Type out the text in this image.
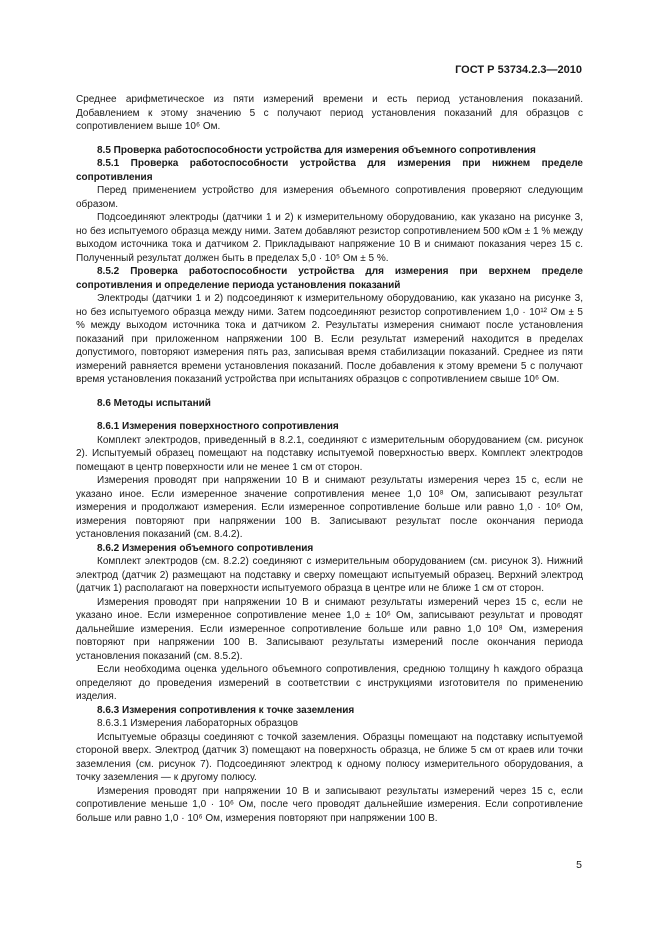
ГОСТ Р 53734.2.3—2010

Среднее арифметическое из пяти измерений времени и есть период установления показаний. Добавлением к этому значению 5 с получают период установления показаний для образцов с сопротивлением выше 10⁶ Ом.

8.5 Проверка работоспособности устройства для измерения объемного сопротивления

8.5.1 Проверка работоспособности устройства для измерения при нижнем пределе сопротивления

Перед применением устройство для измерения объемного сопротивления проверяют следующим образом.

Подсоединяют электроды (датчики 1 и 2) к измерительному оборудованию, как указано на рисунке 3, но без испытуемого образца между ними. Затем добавляют резистор сопротивлением 500 кОм ± 1 % между выходом источника тока и датчиком 2. Прикладывают напряжение 10 В и снимают показания через 15 с. Полученный результат должен быть в пределах 5,0 · 10⁵ Ом ± 5 %.

8.5.2 Проверка работоспособности устройства для измерения при верхнем пределе сопротивления и определение периода установления показаний

Электроды (датчики 1 и 2) подсоединяют к измерительному оборудованию, как указано на рисунке 3, но без испытуемого образца между ними. Затем подсоединяют резистор сопротивлением 1,0 · 10¹² Ом ± 5 % между выходом источника тока и датчиком 2. Результаты измерения снимают после установления показаний при приложенном напряжении 100 В. Если результат измерений находится в пределах допустимого, повторяют измерения пять раз, записывая время стабилизации показаний. Среднее из пяти измерений равняется времени установления показаний. После добавления к этому времени 5 с получают время установления показаний устройства при испытаниях образцов с сопротивлением свыше 10⁶ Ом.

8.6 Методы испытаний

8.6.1 Измерения поверхностного сопротивления

Комплект электродов, приведенный в 8.2.1, соединяют с измерительным оборудованием (см. рисунок 2). Испытуемый образец помещают на подставку испытуемой поверхностью вверх. Комплект электродов помещают в центр поверхности или не менее 1 см от сторон.

Измерения проводят при напряжении 10 В и снимают результаты измерения через 15 с, если не указано иное. Если измеренное значение сопротивления менее 1,0 10⁸ Ом, записывают результат измерения и продолжают измерения. Если измеренное сопротивление больше или равно 1,0 · 10⁶ Ом, измерения повторяют при напряжении 100 В. Записывают результат после окончания периода установления показаний (см. 8.4.2).

8.6.2 Измерения объемного сопротивления

Комплект электродов (см. 8.2.2) соединяют с измерительным оборудованием (см. рисунок 3). Нижний электрод (датчик 2) размещают на подставку и сверху помещают испытуемый образец. Верхний электрод (датчик 1) располагают на поверхности испытуемого образца в центре или не ближе 1 см от сторон.

Измерения проводят при напряжении 10 В и снимают результаты измерений через 15 с, если не указано иное. Если измеренное сопротивление менее 1,0 ± 10⁶ Ом, записывают результат и проводят дальнейшие измерения. Если измеренное сопротивление больше или равно 1,0 10⁸ Ом, измерения повторяют при напряжении 100 В. Записывают результаты измерений после окончания периода установления показаний (см. 8.5.2).

Если необходима оценка удельного объемного сопротивления, среднюю толщину h каждого образца определяют до проведения измерений в соответствии с инструкциями изготовителя по применению изделия.

8.6.3 Измерения сопротивления к точке заземления

8.6.3.1 Измерения лабораторных образцов

Испытуемые образцы соединяют с точкой заземления. Образцы помещают на подставку испытуемой стороной вверх. Электрод (датчик 3) помещают на поверхность образца, не ближе 5 см от краев или точки заземления (см. рисунок 7). Подсоединяют электрод к одному полюсу измерительного оборудования, а точку заземления — к другому полюсу.

Измерения проводят при напряжении 10 В и записывают результаты измерений через 15 с, если сопротивление меньше 1,0 · 10⁶ Ом, после чего проводят дальнейшие измерения. Если сопротивление больше или равно 1,0 · 10⁶ Ом, измерения повторяют при напряжении 100 В.

5
